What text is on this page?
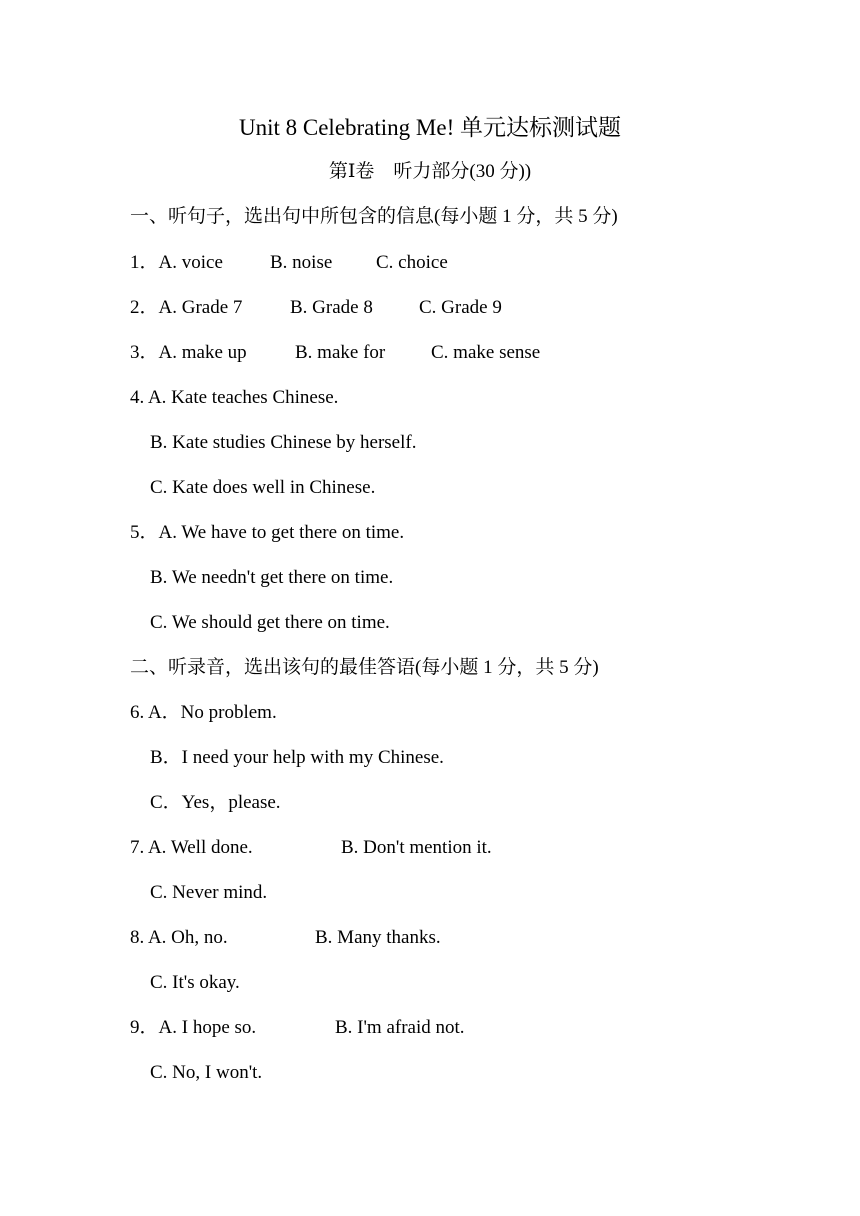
Unit 8 Celebrating Me! 单元达标测试题
第Ⅰ卷　听力部分(30 分))
一、听句子，选出句中所包含的信息(每小题 1 分，共 5 分)
1．A. voice B. noise C. choice
2．A. Grade 7	B. Grade 8 C. Grade 9
3．A. make up	B. make for C. make sense
4. A. Kate teaches Chinese.
B. Kate studies Chinese by herself.
C. Kate does well in Chinese.
5．A. We have to get there on time.
B. We needn't get there on time.
C. We should get there on time.
二、听录音，选出该句的最佳答语(每小题 1 分，共 5 分)
6. A．No problem.
B．I need your help with my Chinese.
C．Yes，please.
7. A. Well done.	B. Don't mention it.
C. Never mind.
8. A. Oh, no.	B. Many thanks.
C. It's okay.
9．A. I hope so.	B. I'm afraid not.
C. No, I won't.
